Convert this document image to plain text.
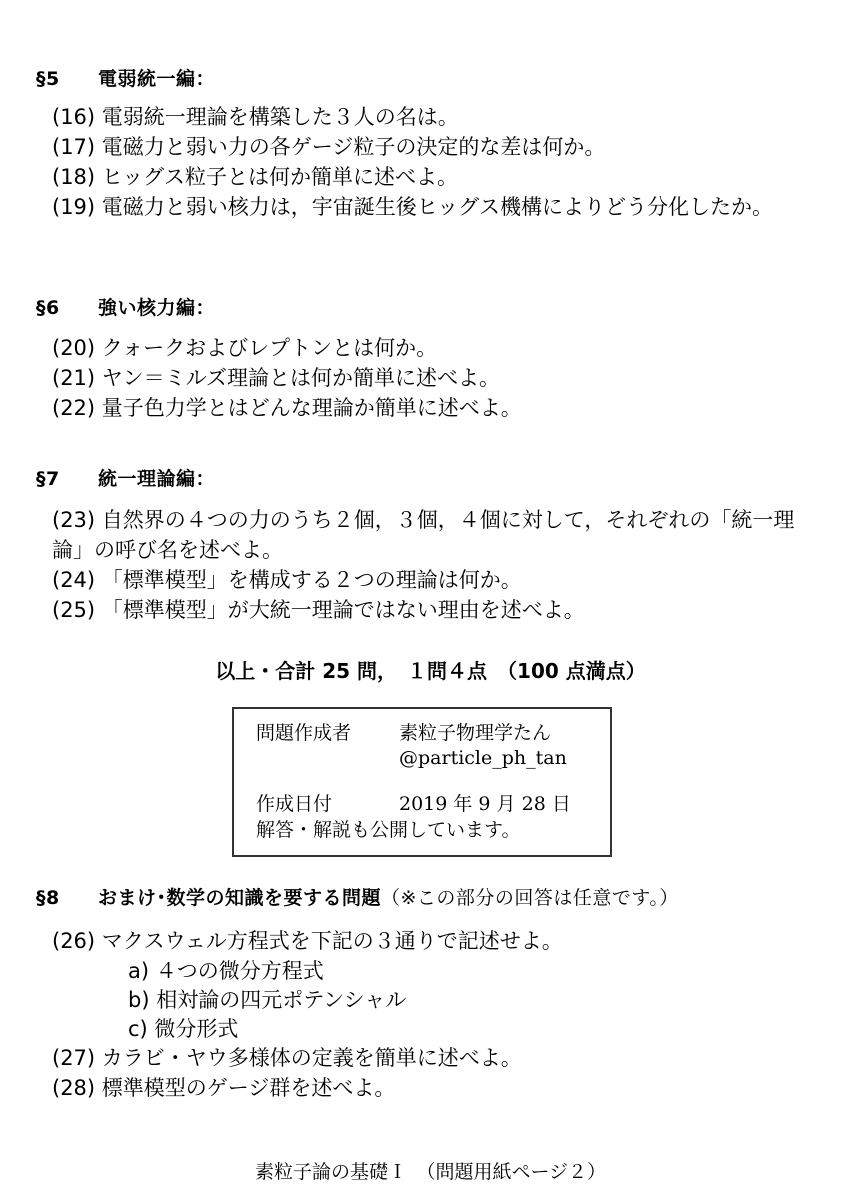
§5 電弱統一編：
(16) 電弱統一理論を構築した３人の名は。
(17) 電磁力と弱い力の各ゲージ粒子の決定的な差は何か。
(18) ヒッグス粒子とは何か簡単に述べよ。
(19) 電磁力と弱い核力は，宇宙誕生後ヒッグス機構によりどう分化したか。
§6 強い核力編：
(20) クォークおよびレプトンとは何か。
(21) ヤン＝ミルズ理論とは何か簡単に述べよ。
(22) 量子色力学とはどんな理論か簡単に述べよ。
§7 統一理論編：
(23) 自然界の４つの力のうち２個，３個，４個に対して，それぞれの「統一理論」の呼び名を述べよ。
(24) 「標準模型」を構成する２つの理論は何か。
(25) 「標準模型」が大統一理論ではない理由を述べよ。
以上・合計 25 問，　１問４点　（100 点満点）
問題作成者	素粒子物理学たん
@particle_ph_tan
作成日付	2019 年 9 月 28 日
解答・解説も公開しています。
§8 おまけ･数学の知識を要する問題（※この部分の回答は任意です。）
(26) マクスウェル方程式を下記の３通りで記述せよ。
a) ４つの微分方程式
b) 相対論の四元ポテンシャル
c) 微分形式
(27) カラビ・ヤウ多様体の定義を簡単に述べよ。
(28) 標準模型のゲージ群を述べよ。
素粒子論の基礎Ｉ　（問題用紙ページ２）
